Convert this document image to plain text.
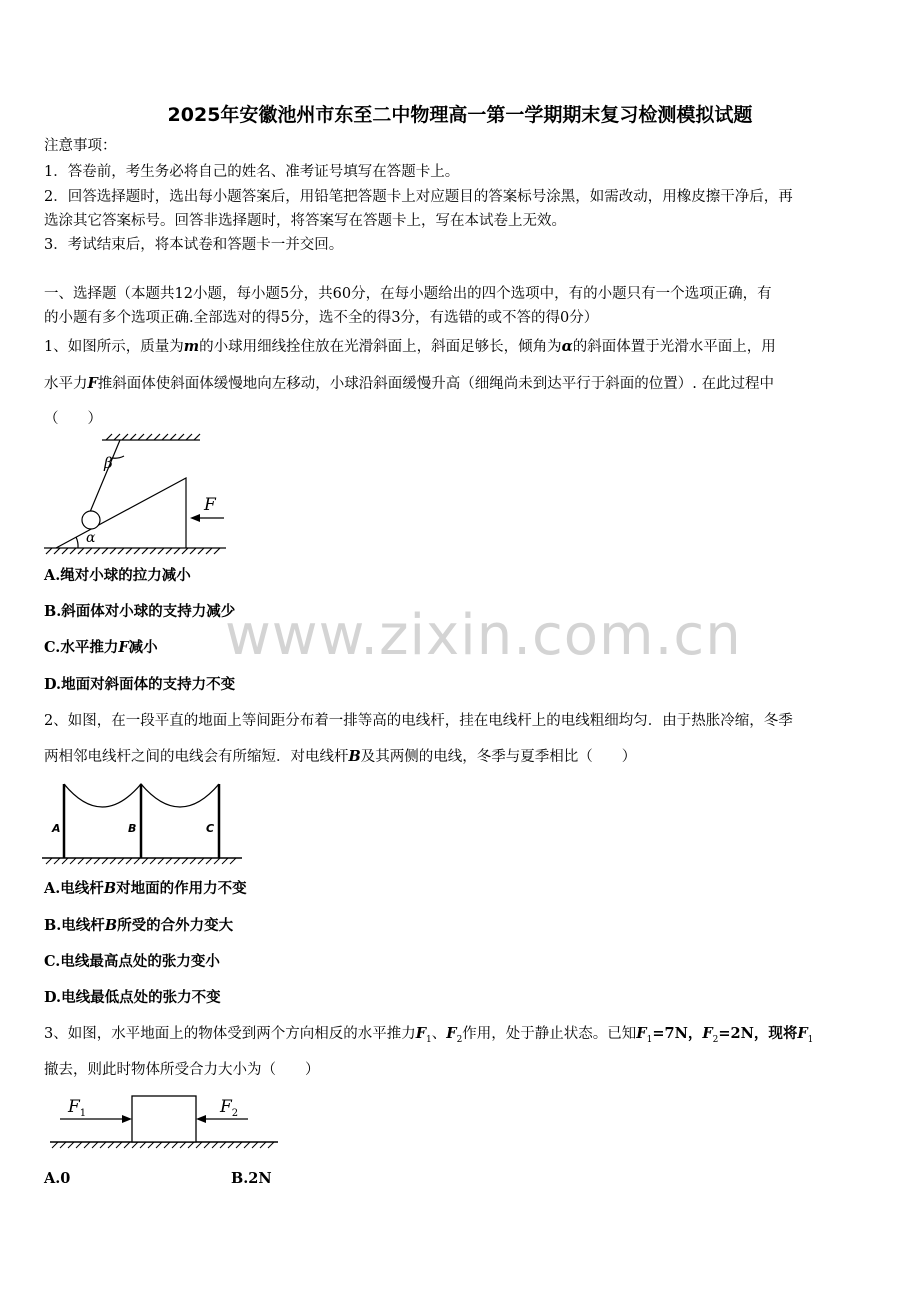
2025年安徽池州市东至二中物理高一第一学期期末复习检测模拟试题
注意事项：
1．答卷前，考生务必将自己的姓名、准考证号填写在答题卡上。
2．回答选择题时，选出每小题答案后，用铅笔把答题卡上对应题目的答案标号涂黑，如需改动，用橡皮擦干净后，再
选涂其它答案标号。回答非选择题时，将答案写在答题卡上，写在本试卷上无效。
3．考试结束后，将本试卷和答题卡一并交回。
一、选择题（本题共12小题，每小题5分，共60分，在每小题给出的四个选项中，有的小题只有一个选项正确，有
的小题有多个选项正确.全部选对的得5分，选不全的得3分，有选错的或不答的得0分）
1、如图所示，质量为m的小球用细线拴住放在光滑斜面上，斜面足够长，倾角为α的斜面体置于光滑水平面上，用
水平力F推斜面体使斜面体缓慢地向左移动，小球沿斜面缓慢升高（细绳尚未到达平行于斜面的位置）. 在此过程中
（　　）
β
α
F
A.绳对小球的拉力减小
B.斜面体对小球的支持力减少
C.水平推力F减小
D.地面对斜面体的支持力不变
2、如图，在一段平直的地面上等间距分布着一排等高的电线杆，挂在电线杆上的电线粗细均匀．由于热胀冷缩，冬季
两相邻电线杆之间的电线会有所缩短．对电线杆B及其两侧的电线，冬季与夏季相比（　　）
A	B	C
A.电线杆B对地面的作用力不变
B.电线杆B所受的合外力变大
C.电线最高点处的张力变小
D.电线最低点处的张力不变
3、如图，水平地面上的物体受到两个方向相反的水平推力$F_1$、$F_2$作用，处于静止状态。已知$F_1=7N$，$F_2=2N$，现将$F_1$
撤去，则此时物体所受合力大小为（　　）
$F_1$	$F_2$
A.0	B.2N
www.zixin.com.cn
